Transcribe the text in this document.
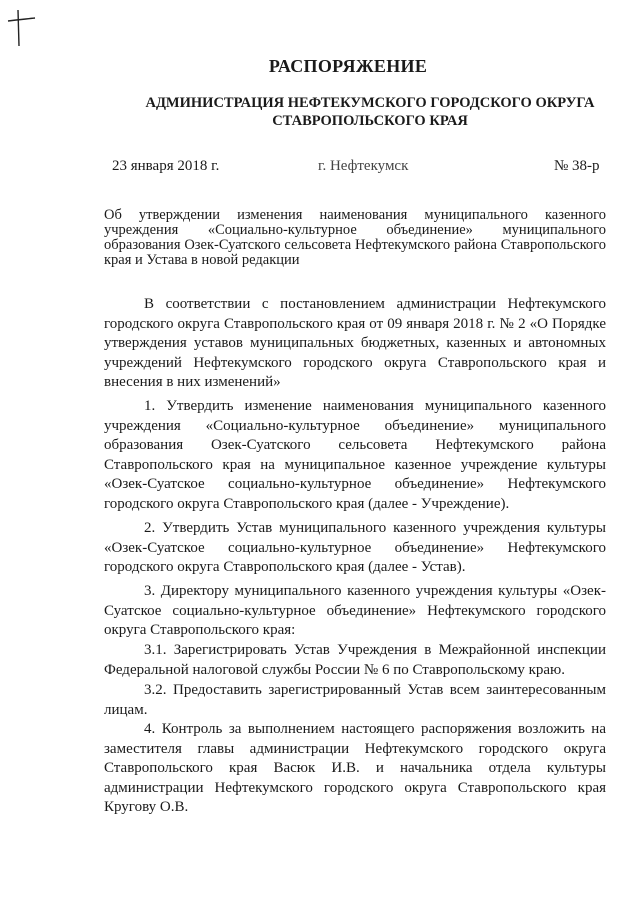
РАСПОРЯЖЕНИЕ
АДМИНИСТРАЦИЯ НЕФТЕКУМСКОГО ГОРОДСКОГО ОКРУГА
СТАВРОПОЛЬСКОГО КРАЯ
23 января 2018 г.	г. Нефтекумск	№ 38-р
Об утверждении изменения наименования муниципального казенного учреждения «Социально-культурное объединение» муниципального образования Озек-Суатского сельсовета Нефтекумского района Ставропольского края и Устава в новой редакции
В соответствии с постановлением администрации Нефтекумского городского округа Ставропольского края от 09 января 2018 г. № 2 «О Порядке утверждения уставов муниципальных бюджетных, казенных и автономных учреждений Нефтекумского городского округа Ставропольского края и внесения в них изменений»
1. Утвердить изменение наименования муниципального казенного учреждения «Социально-культурное объединение» муниципального образования Озек-Суатского сельсовета Нефтекумского района Ставропольского края на муниципальное казенное учреждение культуры «Озек-Суатское социально-культурное объединение» Нефтекумского городского округа Ставропольского края (далее - Учреждение).
2. Утвердить Устав муниципального казенного учреждения культуры «Озек-Суатское социально-культурное объединение» Нефтекумского городского округа Ставропольского края (далее - Устав).
3. Директору муниципального казенного учреждения культуры «Озек-Суатское социально-культурное объединение» Нефтекумского городского округа Ставропольского края:
3.1. Зарегистрировать Устав Учреждения в Межрайонной инспекции Федеральной налоговой службы России № 6 по Ставропольскому краю.
3.2. Предоставить зарегистрированный Устав всем заинтересованным лицам.
4. Контроль за выполнением настоящего распоряжения возложить на заместителя главы администрации Нефтекумского городского округа Ставропольского края Васюк И.В. и начальника отдела культуры администрации Нефтекумского городского округа Ставропольского края Кругову О.В.
